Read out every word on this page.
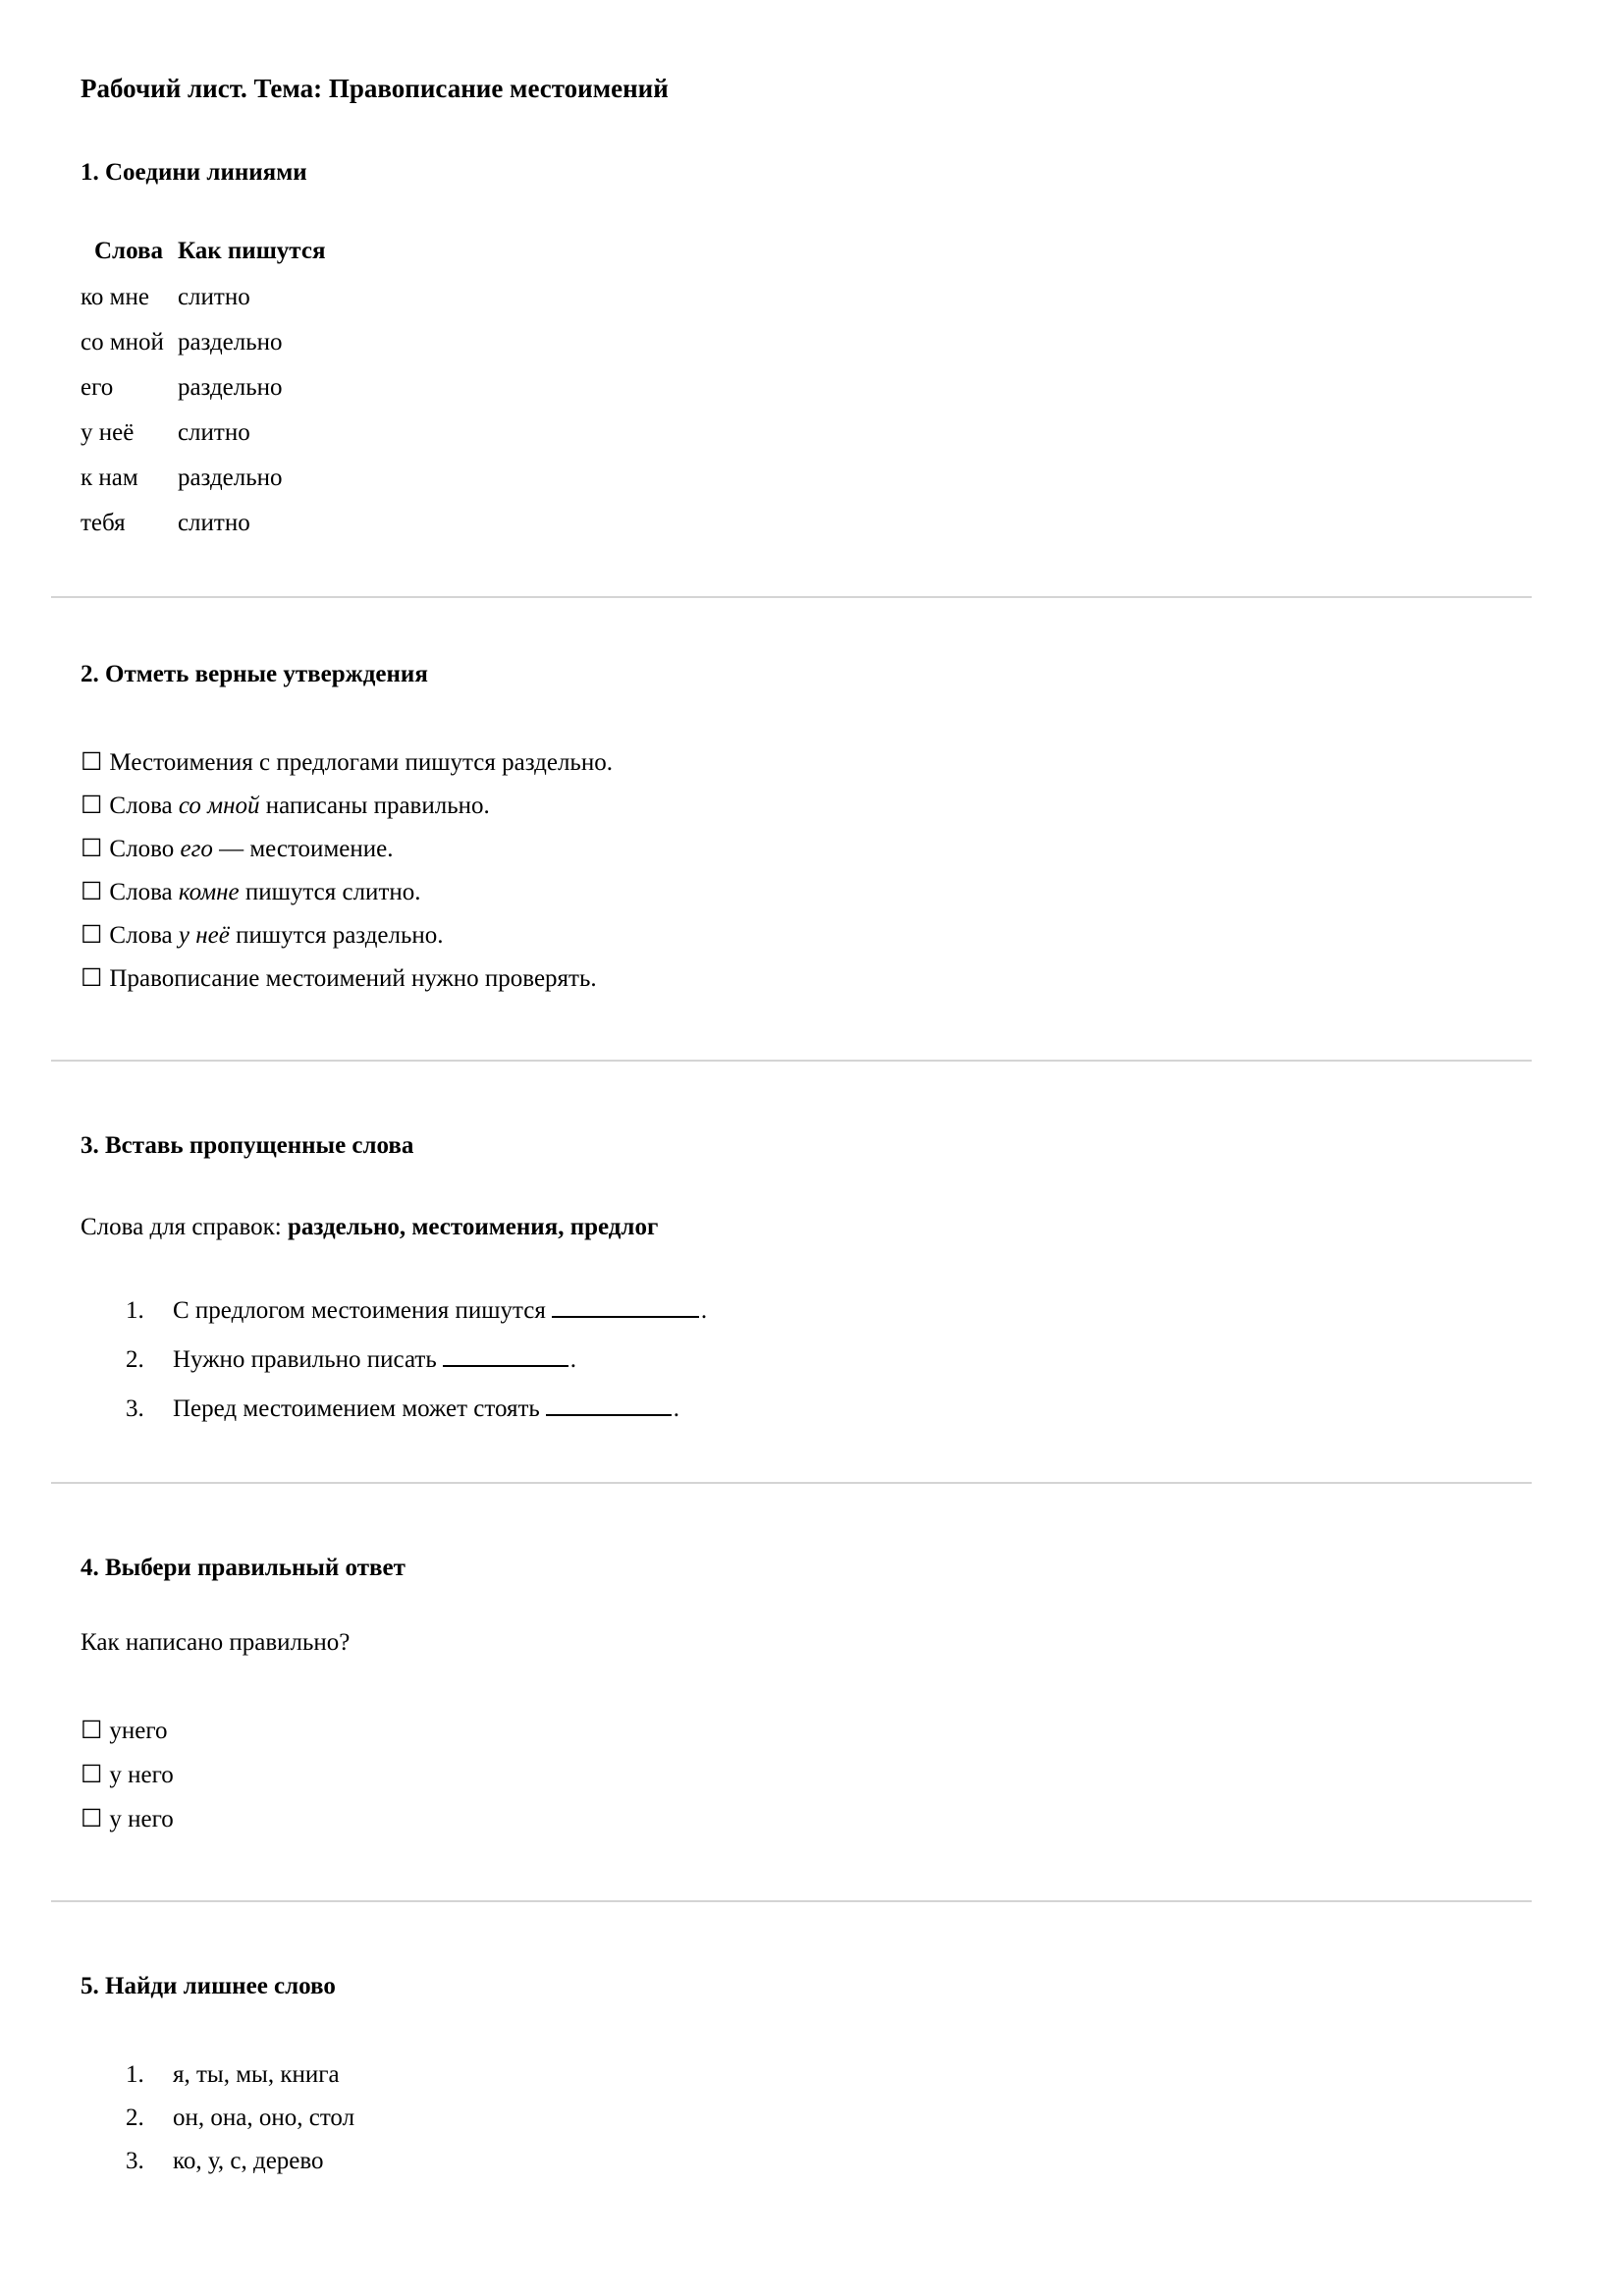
Рабочий лист. Тема: Правописание местоимений
1. Соедини линиями
Слова	Как пишутся
ко мне	слитно
со мной	раздельно
его	раздельно
у неё	слитно
к нам	раздельно
тебя	слитно
2. Отметь верные утверждения
☐ Местоимения с предлогами пишутся раздельно.
☐ Слова со мной написаны правильно.
☐ Слово его — местоимение.
☐ Слова комне пишутся слитно.
☐ Слова у неё пишутся раздельно.
☐ Правописание местоимений нужно проверять.
3. Вставь пропущенные слова

Слова для справок: раздельно, местоимения, предлог

1.	С предлогом местоимения пишутся	.
2.	Нужно правильно писать	.
3.	Перед местоимением может стоять	.
4. Выбери правильный ответ

Как написано правильно?

☐ унего
☐ у него
☐ у него
5. Найди лишнее слово
1.	я, ты, мы, книга
2.	он, она, оно, стол
3.	ко, у, с, дерево
